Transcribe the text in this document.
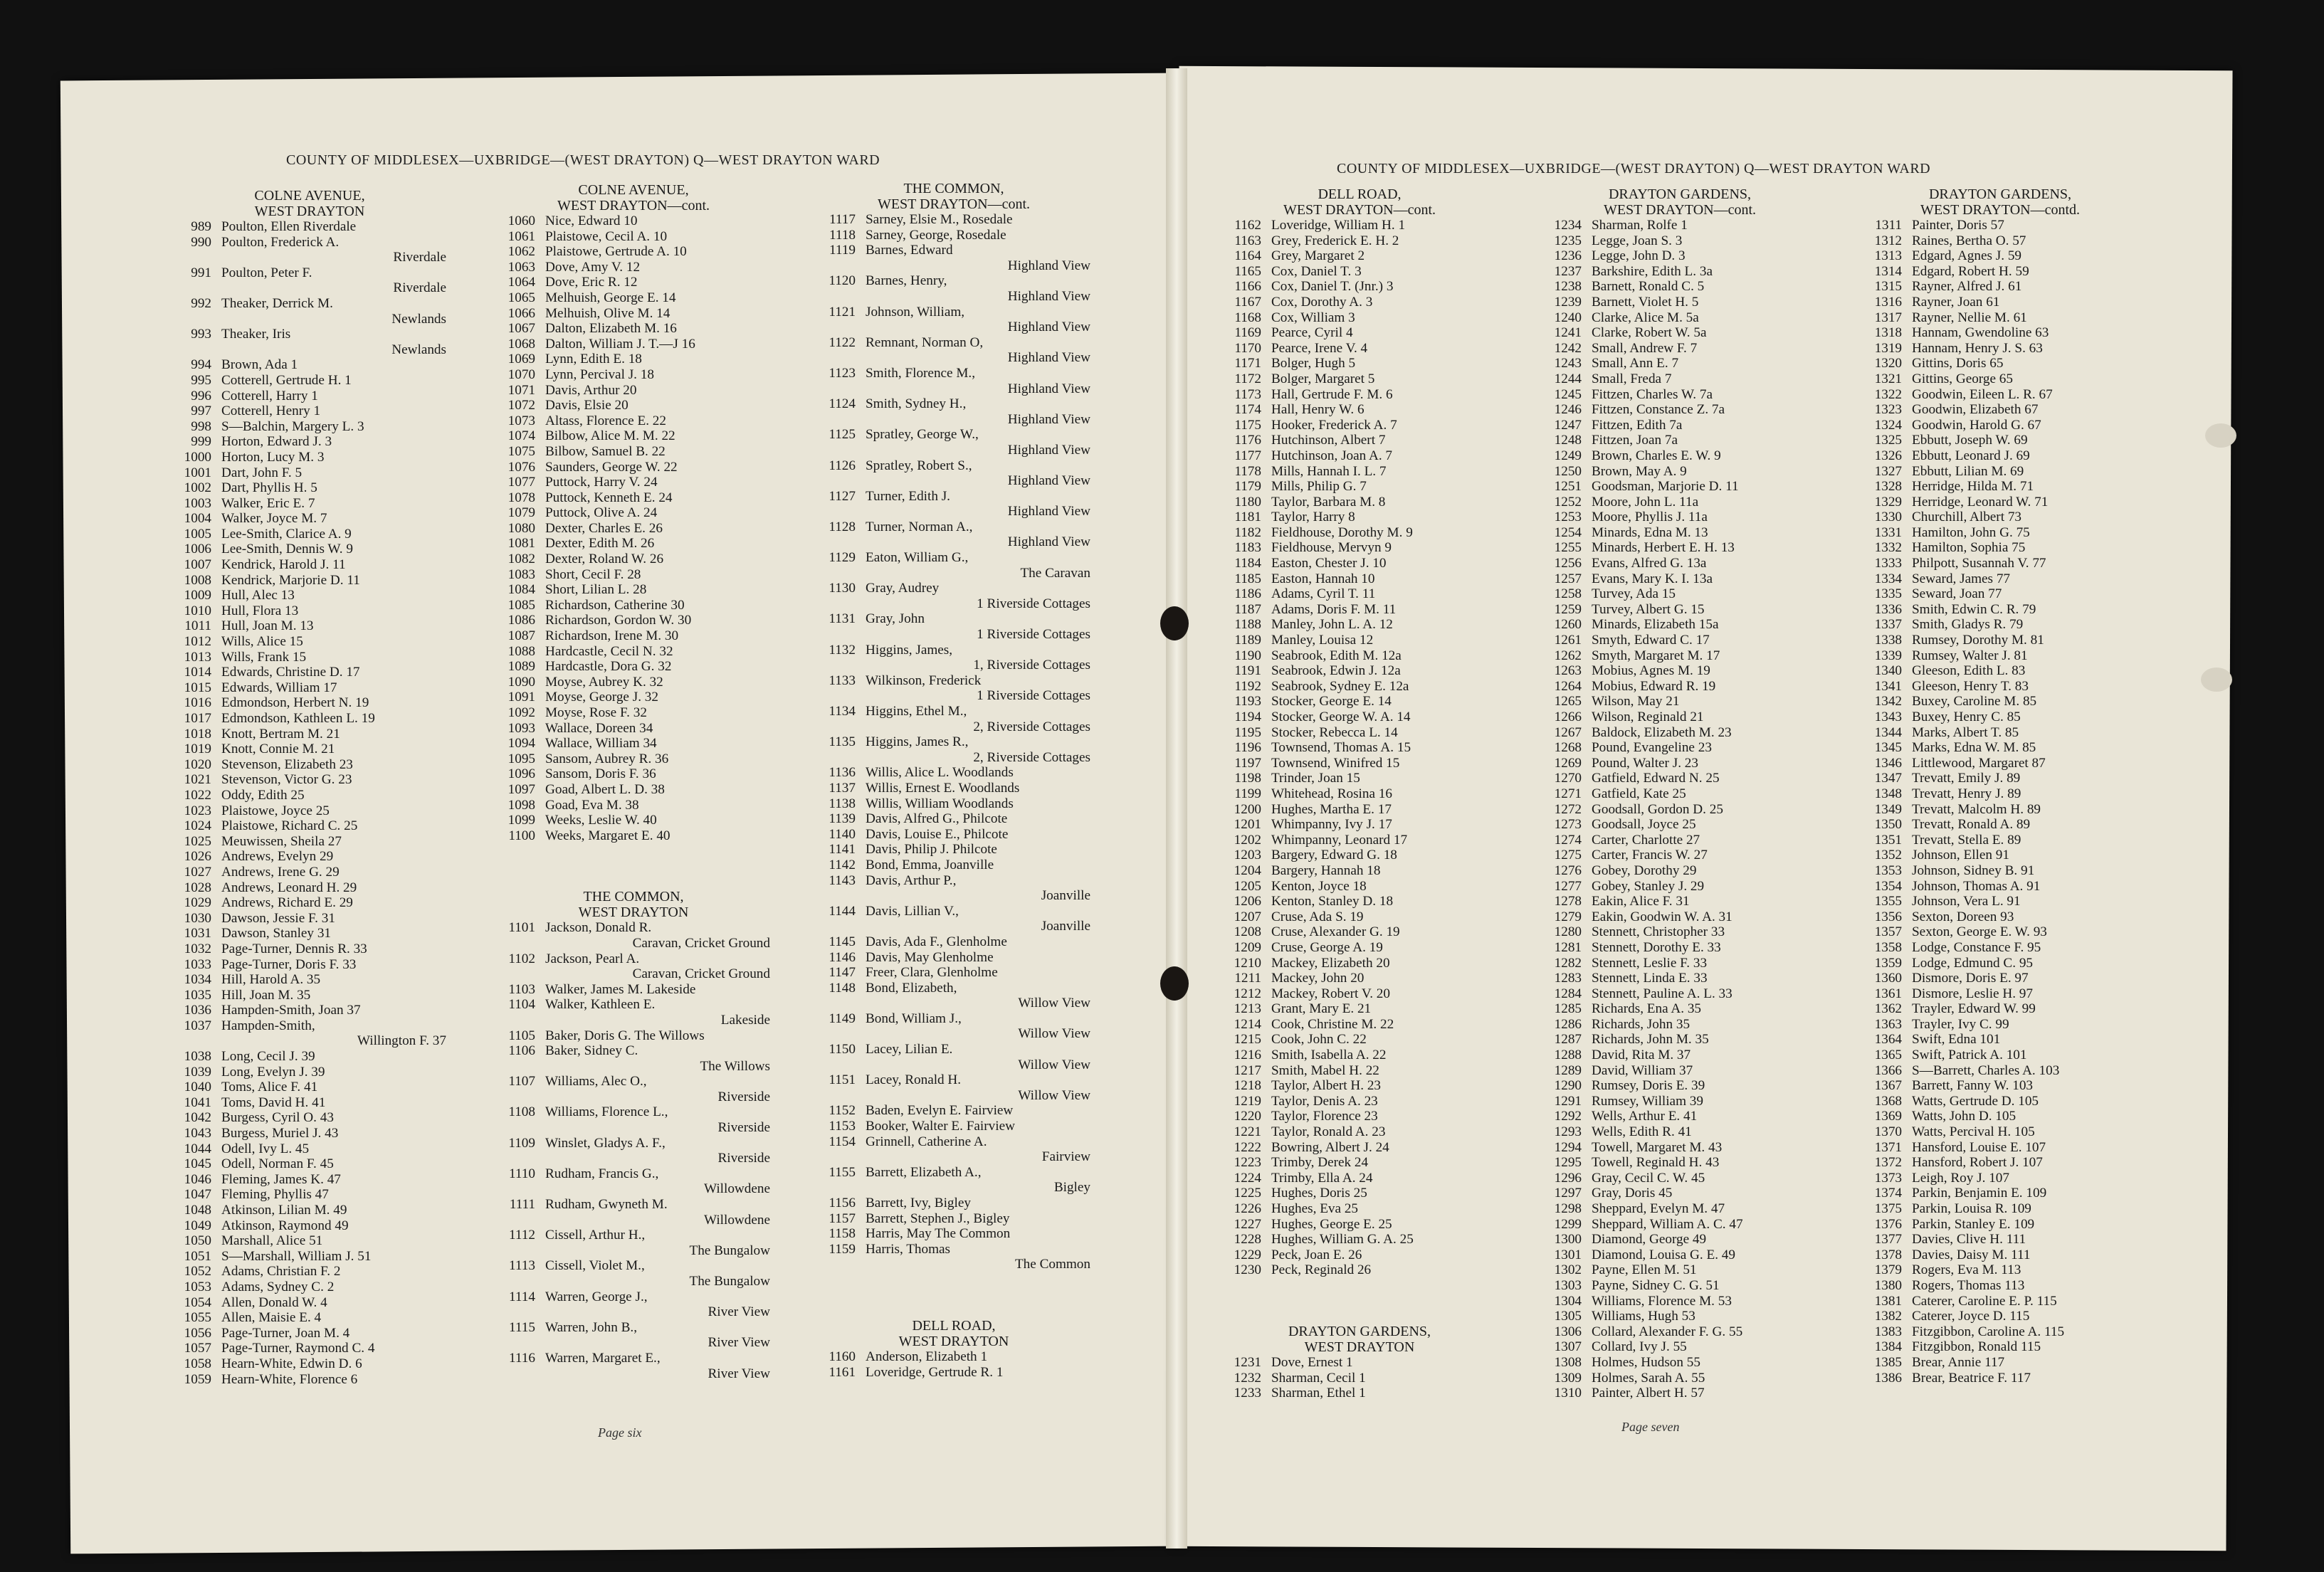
COUNTY OF MIDDLESEX—UXBRIDGE—(WEST DRAYTON) Q—WEST DRAYTON WARD
COUNTY OF MIDDLESEX—UXBRIDGE—(WEST DRAYTON) Q—WEST DRAYTON WARD
COLNE AVENUE,
WEST DRAYTON
989 Poulton, Ellen Riverdale
990 Poulton, Frederick A.
Riverdale
991 Poulton, Peter F.
Riverdale
992 Theaker, Derrick M.
Newlands
993 Theaker, Iris
Newlands
994 Brown, Ada 1
995 Cotterell, Gertrude H. 1
996 Cotterell, Harry 1
997 Cotterell, Henry 1
998 S—Balchin, Margery L. 3
999 Horton, Edward J. 3
1000 Horton, Lucy M. 3
1001 Dart, John F. 5
1002 Dart, Phyllis H. 5
1003 Walker, Eric E. 7
1004 Walker, Joyce M. 7
1005 Lee-Smith, Clarice A. 9
1006 Lee-Smith, Dennis W. 9
1007 Kendrick, Harold J. 11
1008 Kendrick, Marjorie D. 11
1009 Hull, Alec 13
1010 Hull, Flora 13
1011 Hull, Joan M. 13
1012 Wills, Alice 15
1013 Wills, Frank 15
1014 Edwards, Christine D. 17
1015 Edwards, William 17
1016 Edmondson, Herbert N. 19
1017 Edmondson, Kathleen L. 19
1018 Knott, Bertram M. 21
1019 Knott, Connie M. 21
1020 Stevenson, Elizabeth 23
1021 Stevenson, Victor G. 23
1022 Oddy, Edith 25
1023 Plaistowe, Joyce 25
1024 Plaistowe, Richard C. 25
1025 Meuwissen, Sheila 27
1026 Andrews, Evelyn 29
1027 Andrews, Irene G. 29
1028 Andrews, Leonard H. 29
1029 Andrews, Richard E. 29
1030 Dawson, Jessie F. 31
1031 Dawson, Stanley 31
1032 Page-Turner, Dennis R. 33
1033 Page-Turner, Doris F. 33
1034 Hill, Harold A. 35
1035 Hill, Joan M. 35
1036 Hampden-Smith, Joan 37
1037 Hampden-Smith,
Willington F. 37
1038 Long, Cecil J. 39
1039 Long, Evelyn J. 39
1040 Toms, Alice F. 41
1041 Toms, David H. 41
1042 Burgess, Cyril O. 43
1043 Burgess, Muriel J. 43
1044 Odell, Ivy L. 45
1045 Odell, Norman F. 45
1046 Fleming, James K. 47
1047 Fleming, Phyllis 47
1048 Atkinson, Lilian M. 49
1049 Atkinson, Raymond 49
1050 Marshall, Alice 51
1051 S—Marshall, William J. 51
1052 Adams, Christian F. 2
1053 Adams, Sydney C. 2
1054 Allen, Donald W. 4
1055 Allen, Maisie E. 4
1056 Page-Turner, Joan M. 4
1057 Page-Turner, Raymond C. 4
1058 Hearn-White, Edwin D. 6
1059 Hearn-White, Florence 6
COLNE AVENUE,
WEST DRAYTON—cont.
1060 Nice, Edward 10
1061 Plaistowe, Cecil A. 10
1062 Plaistowe, Gertrude A. 10
1063 Dove, Amy V. 12
1064 Dove, Eric R. 12
1065 Melhuish, George E. 14
1066 Melhuish, Olive M. 14
1067 Dalton, Elizabeth M. 16
1068 Dalton, William J. T.—J 16
1069 Lynn, Edith E. 18
1070 Lynn, Percival J. 18
1071 Davis, Arthur 20
1072 Davis, Elsie 20
1073 Altass, Florence E. 22
1074 Bilbow, Alice M. M. 22
1075 Bilbow, Samuel B. 22
1076 Saunders, George W. 22
1077 Puttock, Harry V. 24
1078 Puttock, Kenneth E. 24
1079 Puttock, Olive A. 24
1080 Dexter, Charles E. 26
1081 Dexter, Edith M. 26
1082 Dexter, Roland W. 26
1083 Short, Cecil F. 28
1084 Short, Lilian L. 28
1085 Richardson, Catherine 30
1086 Richardson, Gordon W. 30
1087 Richardson, Irene M. 30
1088 Hardcastle, Cecil N. 32
1089 Hardcastle, Dora G. 32
1090 Moyse, Aubrey K. 32
1091 Moyse, George J. 32
1092 Moyse, Rose F. 32
1093 Wallace, Doreen 34
1094 Wallace, William 34
1095 Sansom, Aubrey R. 36
1096 Sansom, Doris F. 36
1097 Goad, Albert L. D. 38
1098 Goad, Eva M. 38
1099 Weeks, Leslie W. 40
1100 Weeks, Margaret E. 40
THE COMMON,
WEST DRAYTON
1101 Jackson, Donald R.
Caravan, Cricket Ground
1102 Jackson, Pearl A.
Caravan, Cricket Ground
1103 Walker, James M. Lakeside
1104 Walker, Kathleen E.
Lakeside
1105 Baker, Doris G. The Willows
1106 Baker, Sidney C.
The Willows
1107 Williams, Alec O.,
Riverside
1108 Williams, Florence L.,
Riverside
1109 Winslet, Gladys A. F.,
Riverside
1110 Rudham, Francis G.,
Willowdene
1111 Rudham, Gwyneth M.
Willowdene
1112 Cissell, Arthur H.,
The Bungalow
1113 Cissell, Violet M.,
The Bungalow
1114 Warren, George J.,
River View
1115 Warren, John B.,
River View
1116 Warren, Margaret E.,
River View
THE COMMON,
WEST DRAYTON—cont.
1117 Sarney, Elsie M., Rosedale
1118 Sarney, George, Rosedale
1119 Barnes, Edward
Highland View
1120 Barnes, Henry,
Highland View
1121 Johnson, William,
Highland View
1122 Remnant, Norman O,
Highland View
1123 Smith, Florence M.,
Highland View
1124 Smith, Sydney H.,
Highland View
1125 Spratley, George W.,
Highland View
1126 Spratley, Robert S.,
Highland View
1127 Turner, Edith J.
Highland View
1128 Turner, Norman A.,
Highland View
1129 Eaton, William G.,
The Caravan
1130 Gray, Audrey
1 Riverside Cottages
1131 Gray, John
1 Riverside Cottages
1132 Higgins, James,
1, Riverside Cottages
1133 Wilkinson, Frederick
1 Riverside Cottages
1134 Higgins, Ethel M.,
2, Riverside Cottages
1135 Higgins, James R.,
2, Riverside Cottages
1136 Willis, Alice L. Woodlands
1137 Willis, Ernest E. Woodlands
1138 Willis, William Woodlands
1139 Davis, Alfred G., Philcote
1140 Davis, Louise E., Philcote
1141 Davis, Philip J. Philcote
1142 Bond, Emma, Joanville
1143 Davis, Arthur P.,
Joanville
1144 Davis, Lillian V.,
Joanville
1145 Davis, Ada F., Glenholme
1146 Davis, May Glenholme
1147 Freer, Clara, Glenholme
1148 Bond, Elizabeth,
Willow View
1149 Bond, William J.,
Willow View
1150 Lacey, Lilian E.
Willow View
1151 Lacey, Ronald H.
Willow View
1152 Baden, Evelyn E. Fairview
1153 Booker, Walter E. Fairview
1154 Grinnell, Catherine A.
Fairview
1155 Barrett, Elizabeth A.,
Bigley
1156 Barrett, Ivy, Bigley
1157 Barrett, Stephen J., Bigley
1158 Harris, May The Common
1159 Harris, Thomas
The Common
DELL ROAD,
WEST DRAYTON
1160 Anderson, Elizabeth 1
1161 Loveridge, Gertrude R. 1
DELL ROAD,
WEST DRAYTON—cont.
1162 Loveridge, William H. 1
1163 Grey, Frederick E. H. 2
1164 Grey, Margaret 2
1165 Cox, Daniel T. 3
1166 Cox, Daniel T. (Jnr.) 3
1167 Cox, Dorothy A. 3
1168 Cox, William 3
1169 Pearce, Cyril 4
1170 Pearce, Irene V. 4
1171 Bolger, Hugh 5
1172 Bolger, Margaret 5
1173 Hall, Gertrude F. M. 6
1174 Hall, Henry W. 6
1175 Hooker, Frederick A. 7
1176 Hutchinson, Albert 7
1177 Hutchinson, Joan A. 7
1178 Mills, Hannah I. L. 7
1179 Mills, Philip G. 7
1180 Taylor, Barbara M. 8
1181 Taylor, Harry 8
1182 Fieldhouse, Dorothy M. 9
1183 Fieldhouse, Mervyn 9
1184 Easton, Chester J. 10
1185 Easton, Hannah 10
1186 Adams, Cyril T. 11
1187 Adams, Doris F. M. 11
1188 Manley, John L. A. 12
1189 Manley, Louisa 12
1190 Seabrook, Edith M. 12a
1191 Seabrook, Edwin J. 12a
1192 Seabrook, Sydney E. 12a
1193 Stocker, George E. 14
1194 Stocker, George W. A. 14
1195 Stocker, Rebecca L. 14
1196 Townsend, Thomas A. 15
1197 Townsend, Winifred 15
1198 Trinder, Joan 15
1199 Whitehead, Rosina 16
1200 Hughes, Martha E. 17
1201 Whimpanny, Ivy J. 17
1202 Whimpanny, Leonard 17
1203 Bargery, Edward G. 18
1204 Bargery, Hannah 18
1205 Kenton, Joyce 18
1206 Kenton, Stanley D. 18
1207 Cruse, Ada S. 19
1208 Cruse, Alexander G. 19
1209 Cruse, George A. 19
1210 Mackey, Elizabeth 20
1211 Mackey, John 20
1212 Mackey, Robert V. 20
1213 Grant, Mary E. 21
1214 Cook, Christine M. 22
1215 Cook, John C. 22
1216 Smith, Isabella A. 22
1217 Smith, Mabel H. 22
1218 Taylor, Albert H. 23
1219 Taylor, Denis A. 23
1220 Taylor, Florence 23
1221 Taylor, Ronald A. 23
1222 Bowring, Albert J. 24
1223 Trimby, Derek 24
1224 Trimby, Ella A. 24
1225 Hughes, Doris 25
1226 Hughes, Eva 25
1227 Hughes, George E. 25
1228 Hughes, William G. A. 25
1229 Peck, Joan E. 26
1230 Peck, Reginald 26
DRAYTON GARDENS,
WEST DRAYTON
1231 Dove, Ernest 1
1232 Sharman, Cecil 1
1233 Sharman, Ethel 1
DRAYTON GARDENS,
WEST DRAYTON—cont.
1234 Sharman, Rolfe 1
1235 Legge, Joan S. 3
1236 Legge, John D. 3
1237 Barkshire, Edith L. 3a
1238 Barnett, Ronald C. 5
1239 Barnett, Violet H. 5
1240 Clarke, Alice M. 5a
1241 Clarke, Robert W. 5a
1242 Small, Andrew F. 7
1243 Small, Ann E. 7
1244 Small, Freda 7
1245 Fittzen, Charles W. 7a
1246 Fittzen, Constance Z. 7a
1247 Fittzen, Edith 7a
1248 Fittzen, Joan 7a
1249 Brown, Charles E. W. 9
1250 Brown, May A. 9
1251 Goodsman, Marjorie D. 11
1252 Moore, John L. 11a
1253 Moore, Phyllis J. 11a
1254 Minards, Edna M. 13
1255 Minards, Herbert E. H. 13
1256 Evans, Alfred G. 13a
1257 Evans, Mary K. I. 13a
1258 Turvey, Ada 15
1259 Turvey, Albert G. 15
1260 Minards, Elizabeth 15a
1261 Smyth, Edward C. 17
1262 Smyth, Margaret M. 17
1263 Mobius, Agnes M. 19
1264 Mobius, Edward R. 19
1265 Wilson, May 21
1266 Wilson, Reginald 21
1267 Baldock, Elizabeth M. 23
1268 Pound, Evangeline 23
1269 Pound, Walter J. 23
1270 Gatfield, Edward N. 25
1271 Gatfield, Kate 25
1272 Goodsall, Gordon D. 25
1273 Goodsall, Joyce 25
1274 Carter, Charlotte 27
1275 Carter, Francis W. 27
1276 Gobey, Dorothy 29
1277 Gobey, Stanley J. 29
1278 Eakin, Alice F. 31
1279 Eakin, Goodwin W. A. 31
1280 Stennett, Christopher 33
1281 Stennett, Dorothy E. 33
1282 Stennett, Leslie F. 33
1283 Stennett, Linda E. 33
1284 Stennett, Pauline A. L. 33
1285 Richards, Ena A. 35
1286 Richards, John 35
1287 Richards, John M. 35
1288 David, Rita M. 37
1289 David, William 37
1290 Rumsey, Doris E. 39
1291 Rumsey, William 39
1292 Wells, Arthur E. 41
1293 Wells, Edith R. 41
1294 Towell, Margaret M. 43
1295 Towell, Reginald H. 43
1296 Gray, Cecil C. W. 45
1297 Gray, Doris 45
1298 Sheppard, Evelyn M. 47
1299 Sheppard, William A. C. 47
1300 Diamond, George 49
1301 Diamond, Louisa G. E. 49
1302 Payne, Ellen M. 51
1303 Payne, Sidney C. G. 51
1304 Williams, Florence M. 53
1305 Williams, Hugh 53
1306 Collard, Alexander F. G. 55
1307 Collard, Ivy J. 55
1308 Holmes, Hudson 55
1309 Holmes, Sarah A. 55
1310 Painter, Albert H. 57
DRAYTON GARDENS,
WEST DRAYTON—contd.
1311 Painter, Doris 57
1312 Raines, Bertha O. 57
1313 Edgard, Agnes J. 59
1314 Edgard, Robert H. 59
1315 Rayner, Alfred J. 61
1316 Rayner, Joan 61
1317 Rayner, Nellie M. 61
1318 Hannam, Gwendoline 63
1319 Hannam, Henry J. S. 63
1320 Gittins, Doris 65
1321 Gittins, George 65
1322 Goodwin, Eileen L. R. 67
1323 Goodwin, Elizabeth 67
1324 Goodwin, Harold G. 67
1325 Ebbutt, Joseph W. 69
1326 Ebbutt, Leonard J. 69
1327 Ebbutt, Lilian M. 69
1328 Herridge, Hilda M. 71
1329 Herridge, Leonard W. 71
1330 Churchill, Albert 73
1331 Hamilton, John G. 75
1332 Hamilton, Sophia 75
1333 Philpott, Susannah V. 77
1334 Seward, James 77
1335 Seward, Joan 77
1336 Smith, Edwin C. R. 79
1337 Smith, Gladys R. 79
1338 Rumsey, Dorothy M. 81
1339 Rumsey, Walter J. 81
1340 Gleeson, Edith L. 83
1341 Gleeson, Henry T. 83
1342 Buxey, Caroline M. 85
1343 Buxey, Henry C. 85
1344 Marks, Albert T. 85
1345 Marks, Edna W. M. 85
1346 Littlewood, Margaret 87
1347 Trevatt, Emily J. 89
1348 Trevatt, Henry J. 89
1349 Trevatt, Malcolm H. 89
1350 Trevatt, Ronald A. 89
1351 Trevatt, Stella E. 89
1352 Johnson, Ellen 91
1353 Johnson, Sidney B. 91
1354 Johnson, Thomas A. 91
1355 Johnson, Vera L. 91
1356 Sexton, Doreen 93
1357 Sexton, George E. W. 93
1358 Lodge, Constance F. 95
1359 Lodge, Edmund C. 95
1360 Dismore, Doris E. 97
1361 Dismore, Leslie H. 97
1362 Trayler, Edward W. 99
1363 Trayler, Ivy C. 99
1364 Swift, Edna 101
1365 Swift, Patrick A. 101
1366 S—Barrett, Charles A. 103
1367 Barrett, Fanny W. 103
1368 Watts, Gertrude D. 105
1369 Watts, John D. 105
1370 Watts, Percival H. 105
1371 Hansford, Louise E. 107
1372 Hansford, Robert J. 107
1373 Leigh, Roy J. 107
1374 Parkin, Benjamin E. 109
1375 Parkin, Louisa R. 109
1376 Parkin, Stanley E. 109
1377 Davies, Clive H. 111
1378 Davies, Daisy M. 111
1379 Rogers, Eva M. 113
1380 Rogers, Thomas 113
1381 Caterer, Caroline E. P. 115
1382 Caterer, Joyce D. 115
1383 Fitzgibbon, Caroline A. 115
1384 Fitzgibbon, Ronald 115
1385 Brear, Annie 117
1386 Brear, Beatrice F. 117
Page six	Page seven
